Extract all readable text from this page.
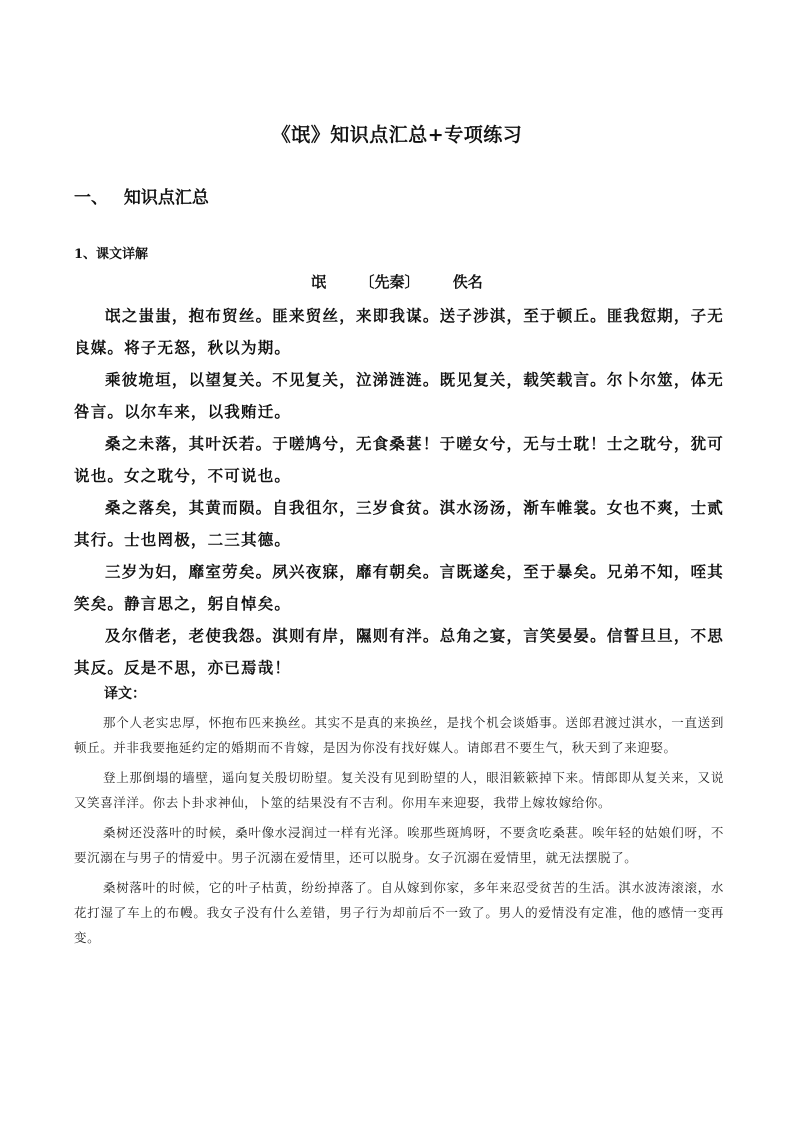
《氓》知识点汇总+专项练习
一、 知识点汇总
1、课文详解
氓 〔先秦〕 佚名

氓之蚩蚩，抱布贸丝。匪来贸丝，来即我谋。送子涉淇，至于顿丘。匪我愆期，子无良媒。将子无怒，秋以为期。

乘彼垝垣，以望复关。不见复关，泣涕涟涟。既见复关，载笑载言。尔卜尔筮，体无咎言。以尔车来，以我贿迁。

桑之未落，其叶沃若。于嗟鸠兮，无食桑葚！于嗟女兮，无与士耽！士之耽兮，犹可说也。女之耽兮，不可说也。

桑之落矣，其黄而陨。自我徂尔，三岁食贫。淇水汤汤，渐车帷裳。女也不爽，士贰其行。士也罔极，二三其德。

三岁为妇，靡室劳矣。夙兴夜寐，靡有朝矣。言既遂矣，至于暴矣。兄弟不知，咥其笑矣。静言思之，躬自悼矣。

及尔偕老，老使我怨。淇则有岸，隰则有泮。总角之宴，言笑晏晏。信誓旦旦，不思其反。反是不思，亦已焉哉！

译文：

那个人老实忠厚，怀抱布匹来换丝。其实不是真的来换丝，是找个机会谈婚事。送郎君渡过淇水，一直送到顿丘。并非我要拖延约定的婚期而不肯嫁，是因为你没有找好媒人。请郎君不要生气，秋天到了来迎娶。

登上那倒塌的墙壁，遥向复关殷切盼望。复关没有见到盼望的人，眼泪簌簌掉下来。情郎即从复关来，又说又笑喜洋洋。你去卜卦求神仙，卜筮的结果没有不吉利。你用车来迎娶，我带上嫁妆嫁给你。

桑树还没落叶的时候，桑叶像水浸润过一样有光泽。唉那些斑鸠呀，不要贪吃桑葚。唉年轻的姑娘们呀，不要沉溺在与男子的情爱中。男子沉溺在爱情里，还可以脱身。女子沉溺在爱情里，就无法摆脱了。

桑树落叶的时候，它的叶子枯黄，纷纷掉落了。自从嫁到你家，多年来忍受贫苦的生活。淇水波涛滚滚，水花打湿了车上的布幔。我女子没有什么差错，男子行为却前后不一致了。男人的爱情没有定准，他的感情一变再变。
